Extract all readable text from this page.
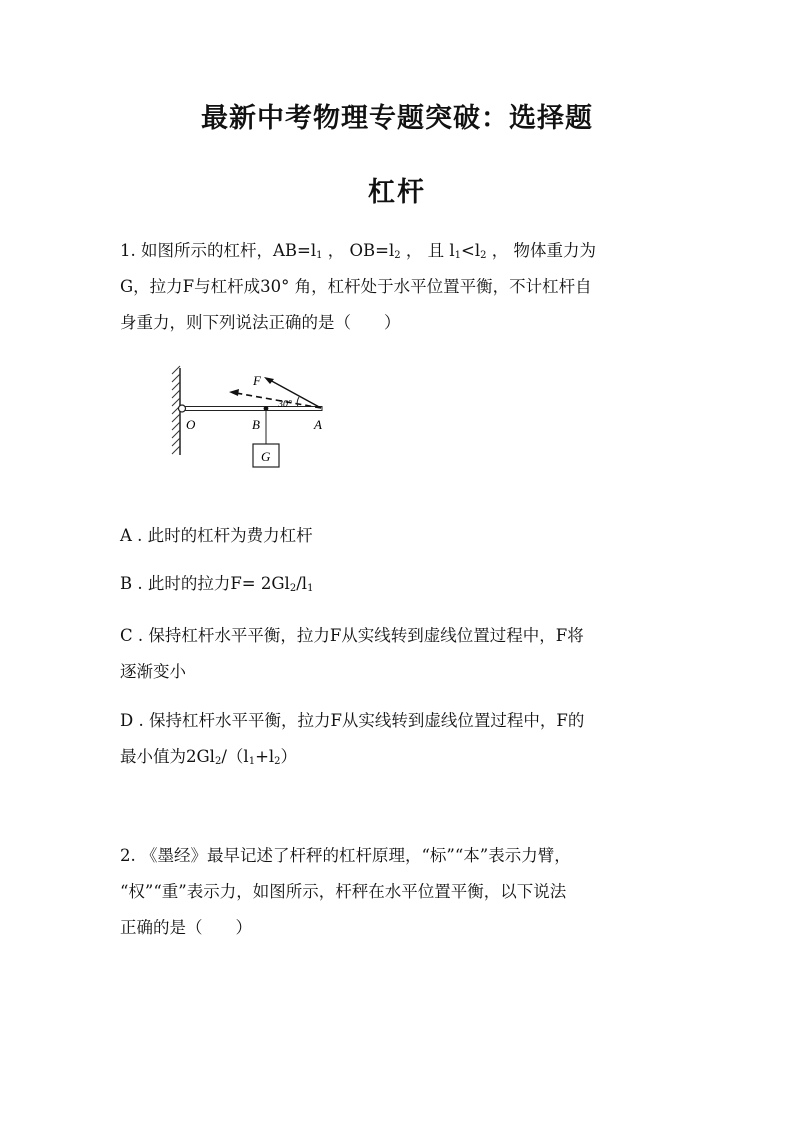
最新中考物理专题突破：选择题
杠杆
1. 如图所示的杠杆，$AB=l_1$ ， $OB=l_2$ ， 且 $l_1<l_2$ ， 物体重力为
G，拉力F与杠杆成30° 角，杠杆处于水平位置平衡，不计杠杆自
身重力，则下列说法正确的是（　　）
F
30°
O	B	A
G
A . 此时的杠杆为费力杠杆
B . 此时的拉力$F= 2Gl_2/l_1$
C . 保持杠杆水平平衡，拉力F从实线转到虚线位置过程中，F将
逐渐变小
D . 保持杠杆水平平衡，拉力F从实线转到虚线位置过程中，F的
最小值为$2Gl_2/(l_1+l_2)$
2. 《墨经》最早记述了杆秤的杠杆原理，“标”“本”表示力臂，
“权”“重”表示力，如图所示，杆秤在水平位置平衡，以下说法
正确的是（　　）
